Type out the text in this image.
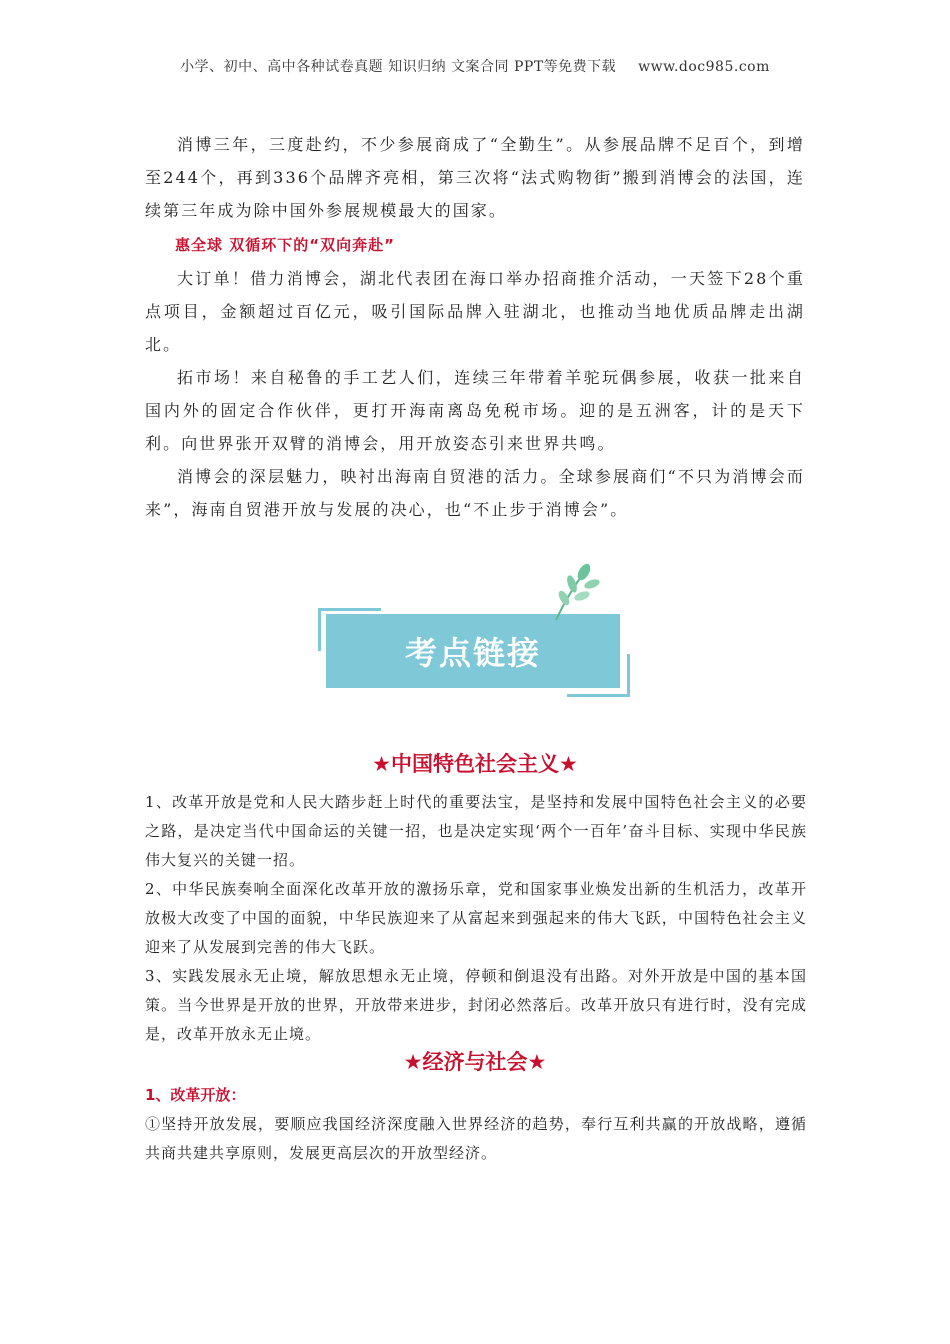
小学、初中、高中各种试卷真题 知识归纳 文案合同 PPT等免费下载 www.doc985.com

消博三年，三度赴约，不少参展商成了“全勤生”。从参展品牌不足百个，到增至244个，再到336个品牌齐亮相，第三次将“法式购物街”搬到消博会的法国，连续第三年成为除中国外参展规模最大的国家。

惠全球 双循环下的“双向奔赴”

大订单！借力消博会，湖北代表团在海口举办招商推介活动，一天签下28个重点项目，金额超过百亿元，吸引国际品牌入驻湖北，也推动当地优质品牌走出湖北。

拓市场！来自秘鲁的手工艺人们，连续三年带着羊驼玩偶参展，收获一批来自国内外的固定合作伙伴，更打开海南离岛免税市场。迎的是五洲客，计的是天下利。向世界张开双臂的消博会，用开放姿态引来世界共鸣。

消博会的深层魅力，映衬出海南自贸港的活力。全球参展商们“不只为消博会而来”，海南自贸港开放与发展的决心，也“不止步于消博会”。

考点链接
★中国特色社会主义★

1、改革开放是党和人民大踏步赶上时代的重要法宝，是坚持和发展中国特色社会主义的必要之路，是决定当代中国命运的关键一招，也是决定实现‘两个一百年’奋斗目标、实现中华民族伟大复兴的关键一招。

2、中华民族奏响全面深化改革开放的激扬乐章，党和国家事业焕发出新的生机活力，改革开放极大改变了中国的面貌，中华民族迎来了从富起来到强起来的伟大飞跃，中国特色社会主义迎来了从发展到完善的伟大飞跃。

3、实践发展永无止境，解放思想永无止境，停顿和倒退没有出路。对外开放是中国的基本国策。当今世界是开放的世界，开放带来进步，封闭必然落后。改革开放只有进行时，没有完成是，改革开放永无止境。

★经济与社会★
1、改革开放：

①坚持开放发展，要顺应我国经济深度融入世界经济的趋势，奉行互利共赢的开放战略，遵循共商共建共享原则，发展更高层次的开放型经济。
